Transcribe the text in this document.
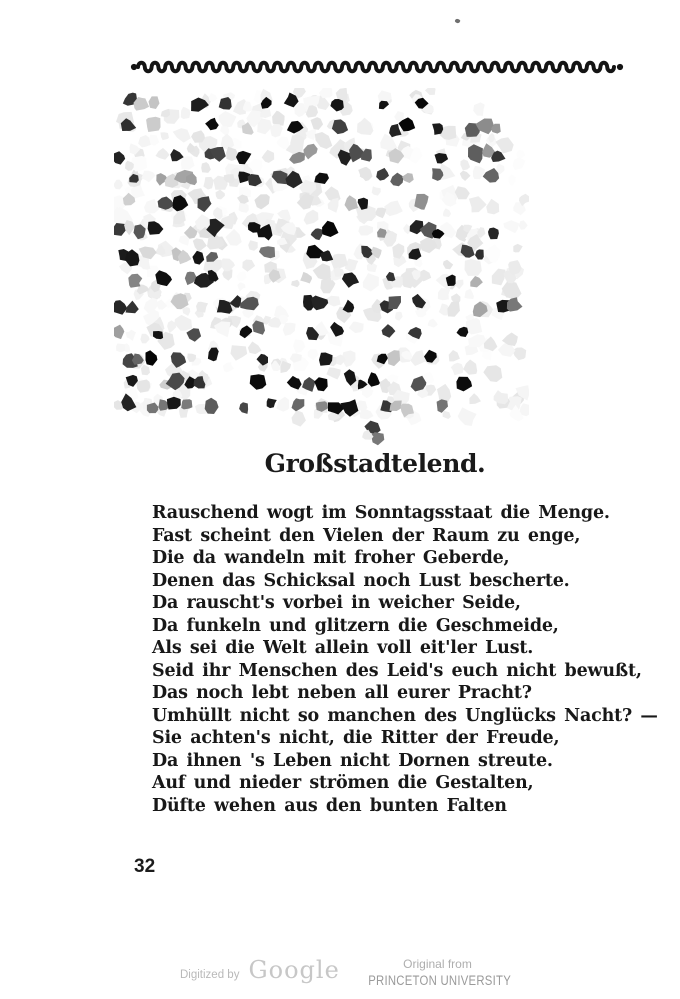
Großstadtelend.
Rauschend wogt im Sonntagsstaat die Menge.
Fast scheint den Vielen der Raum zu enge,
Die da wandeln mit froher Geberde,
Denen das Schicksal noch Lust bescherte.
Da rauscht's vorbei in weicher Seide,
Da funkeln und glitzern die Geschmeide,
Als sei die Welt allein voll eit'ler Lust.
Seid ihr Menschen des Leid's euch nicht bewußt,
Das noch lebt neben all eurer Pracht?
Umhüllt nicht so manchen des Unglücks Nacht? —
Sie achten's nicht, die Ritter der Freude,
Da ihnen 's Leben nicht Dornen streute.
Auf und nieder strömen die Gestalten,
Düfte wehen aus den bunten Falten
32
Digitized by Google	Original from
PRINCETON UNIVERSITY
